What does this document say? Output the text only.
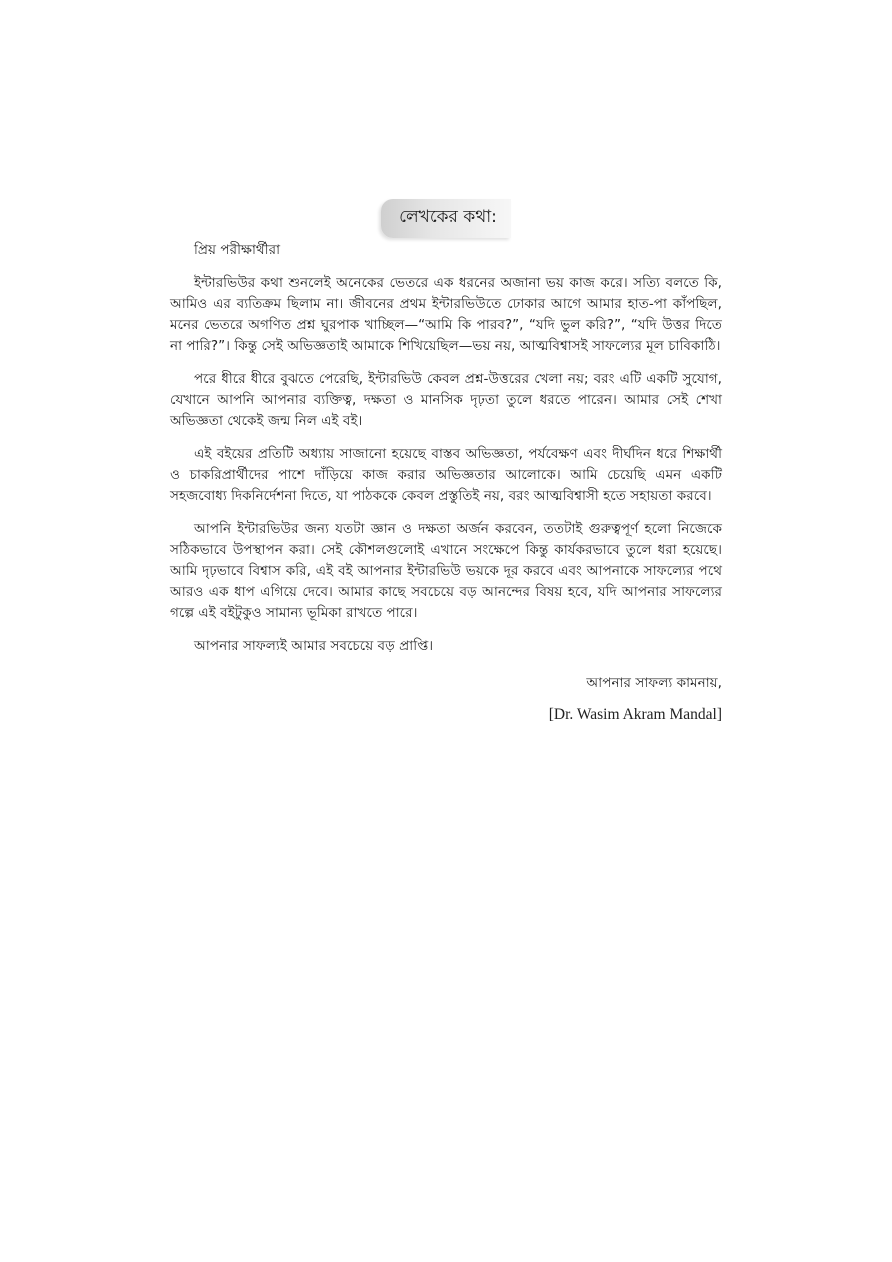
লেখকের কথা:
প্রিয় পরীক্ষার্থীরা

ইন্টারভিউর কথা শুনলেই অনেকের ভেতরে এক ধরনের অজানা ভয় কাজ করে। সত্যি বলতে কি, আমিও এর ব্যতিক্রম ছিলাম না। জীবনের প্রথম ইন্টারভিউতে ঢোকার আগে আমার হাত-পা কাঁপছিল, মনের ভেতরে অগণিত প্রশ্ন ঘুরপাক খাচ্ছিল—“আমি কি পারব?”, “যদি ভুল করি?”, “যদি উত্তর দিতে না পারি?”। কিন্তু সেই অভিজ্ঞতাই আমাকে শিখিয়েছিল—ভয় নয়, আত্মবিশ্বাসই সাফল্যের মূল চাবিকাঠি।

পরে ধীরে ধীরে বুঝতে পেরেছি, ইন্টারভিউ কেবল প্রশ্ন-উত্তরের খেলা নয়; বরং এটি একটি সুযোগ, যেখানে আপনি আপনার ব্যক্তিত্ব, দক্ষতা ও মানসিক দৃঢ়তা তুলে ধরতে পারেন। আমার সেই শেখা অভিজ্ঞতা থেকেই জন্ম নিল এই বই।

এই বইয়ের প্রতিটি অধ্যায় সাজানো হয়েছে বাস্তব অভিজ্ঞতা, পর্যবেক্ষণ এবং দীর্ঘদিন ধরে শিক্ষার্থী ও চাকরিপ্রার্থীদের পাশে দাঁড়িয়ে কাজ করার অভিজ্ঞতার আলোকে। আমি চেয়েছি এমন একটি সহজবোধ্য দিকনির্দেশনা দিতে, যা পাঠককে কেবল প্রস্তুতিই নয়, বরং আত্মবিশ্বাসী হতে সহায়তা করবে।

আপনি ইন্টারভিউর জন্য যতটা জ্ঞান ও দক্ষতা অর্জন করবেন, ততটাই গুরুত্বপূর্ণ হলো নিজেকে সঠিকভাবে উপস্থাপন করা। সেই কৌশলগুলোই এখানে সংক্ষেপে কিন্তু কার্যকরভাবে তুলে ধরা হয়েছে। আমি দৃঢ়ভাবে বিশ্বাস করি, এই বই আপনার ইন্টারভিউ ভয়কে দূর করবে এবং আপনাকে সাফল্যের পথে আরও এক ধাপ এগিয়ে দেবে। আমার কাছে সবচেয়ে বড় আনন্দের বিষয় হবে, যদি আপনার সাফল্যের গল্পে এই বইটুকুও সামান্য ভূমিকা রাখতে পারে।

আপনার সাফল্যই আমার সবচেয়ে বড় প্রাপ্তি।

আপনার সাফল্য কামনায়,
[Dr. Wasim Akram Mandal]
